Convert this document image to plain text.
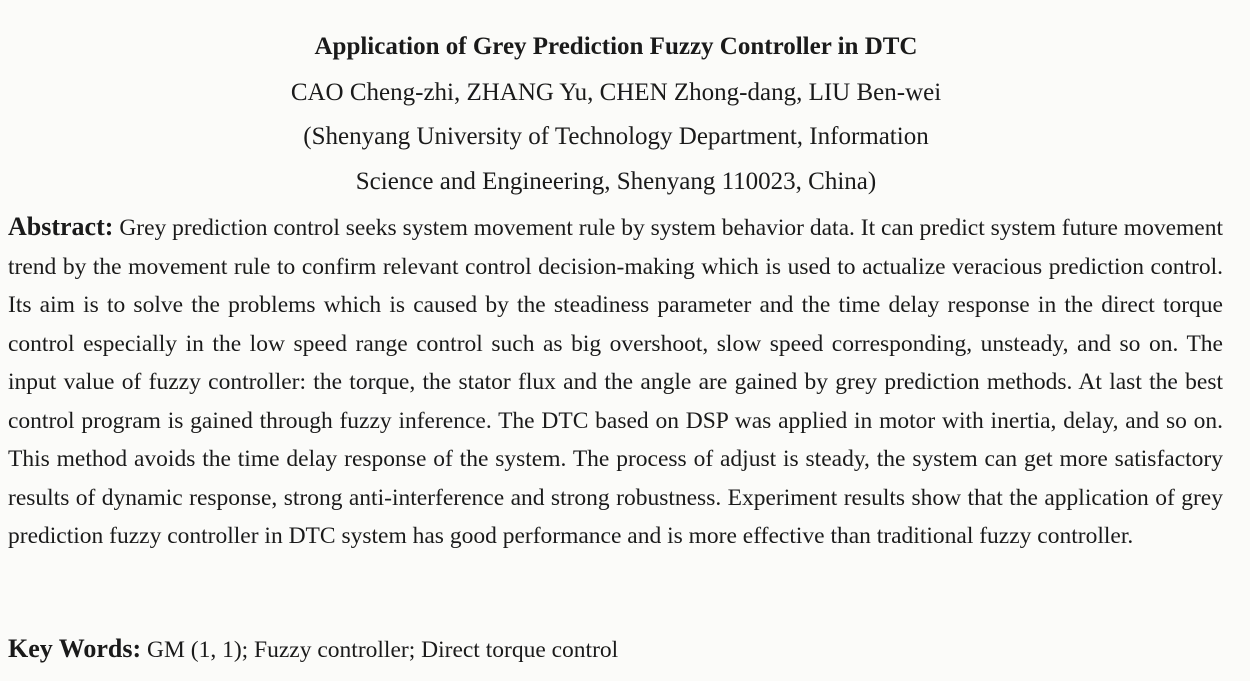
Application of Grey Prediction Fuzzy Controller in DTC
CAO Cheng-zhi, ZHANG Yu, CHEN Zhong-dang, LIU Ben-wei
(Shenyang University of Technology Department, Information
Science and Engineering, Shenyang 110023, China)

Abstract: Grey prediction control seeks system movement rule by system behavior data. It can predict system future movement trend by the movement rule to confirm relevant control decision-making which is used to actualize veracious prediction control. Its aim is to solve the problems which is caused by the steadiness parameter and the time delay response in the direct torque control especially in the low speed range control such as big overshoot, slow speed corresponding, unsteady, and so on. The input value of fuzzy controller: the torque, the stator flux and the angle are gained by grey prediction methods. At last the best control program is gained through fuzzy inference. The DTC based on DSP was applied in motor with inertia, delay, and so on. This method avoids the time delay response of the system. The process of adjust is steady, the system can get more satisfactory results of dynamic response, strong anti-interference and strong robustness. Experiment results show that the application of grey prediction fuzzy controller in DTC system has good performance and is more effective than traditional fuzzy controller.

Key Words: GM (1, 1); Fuzzy controller; Direct torque control
